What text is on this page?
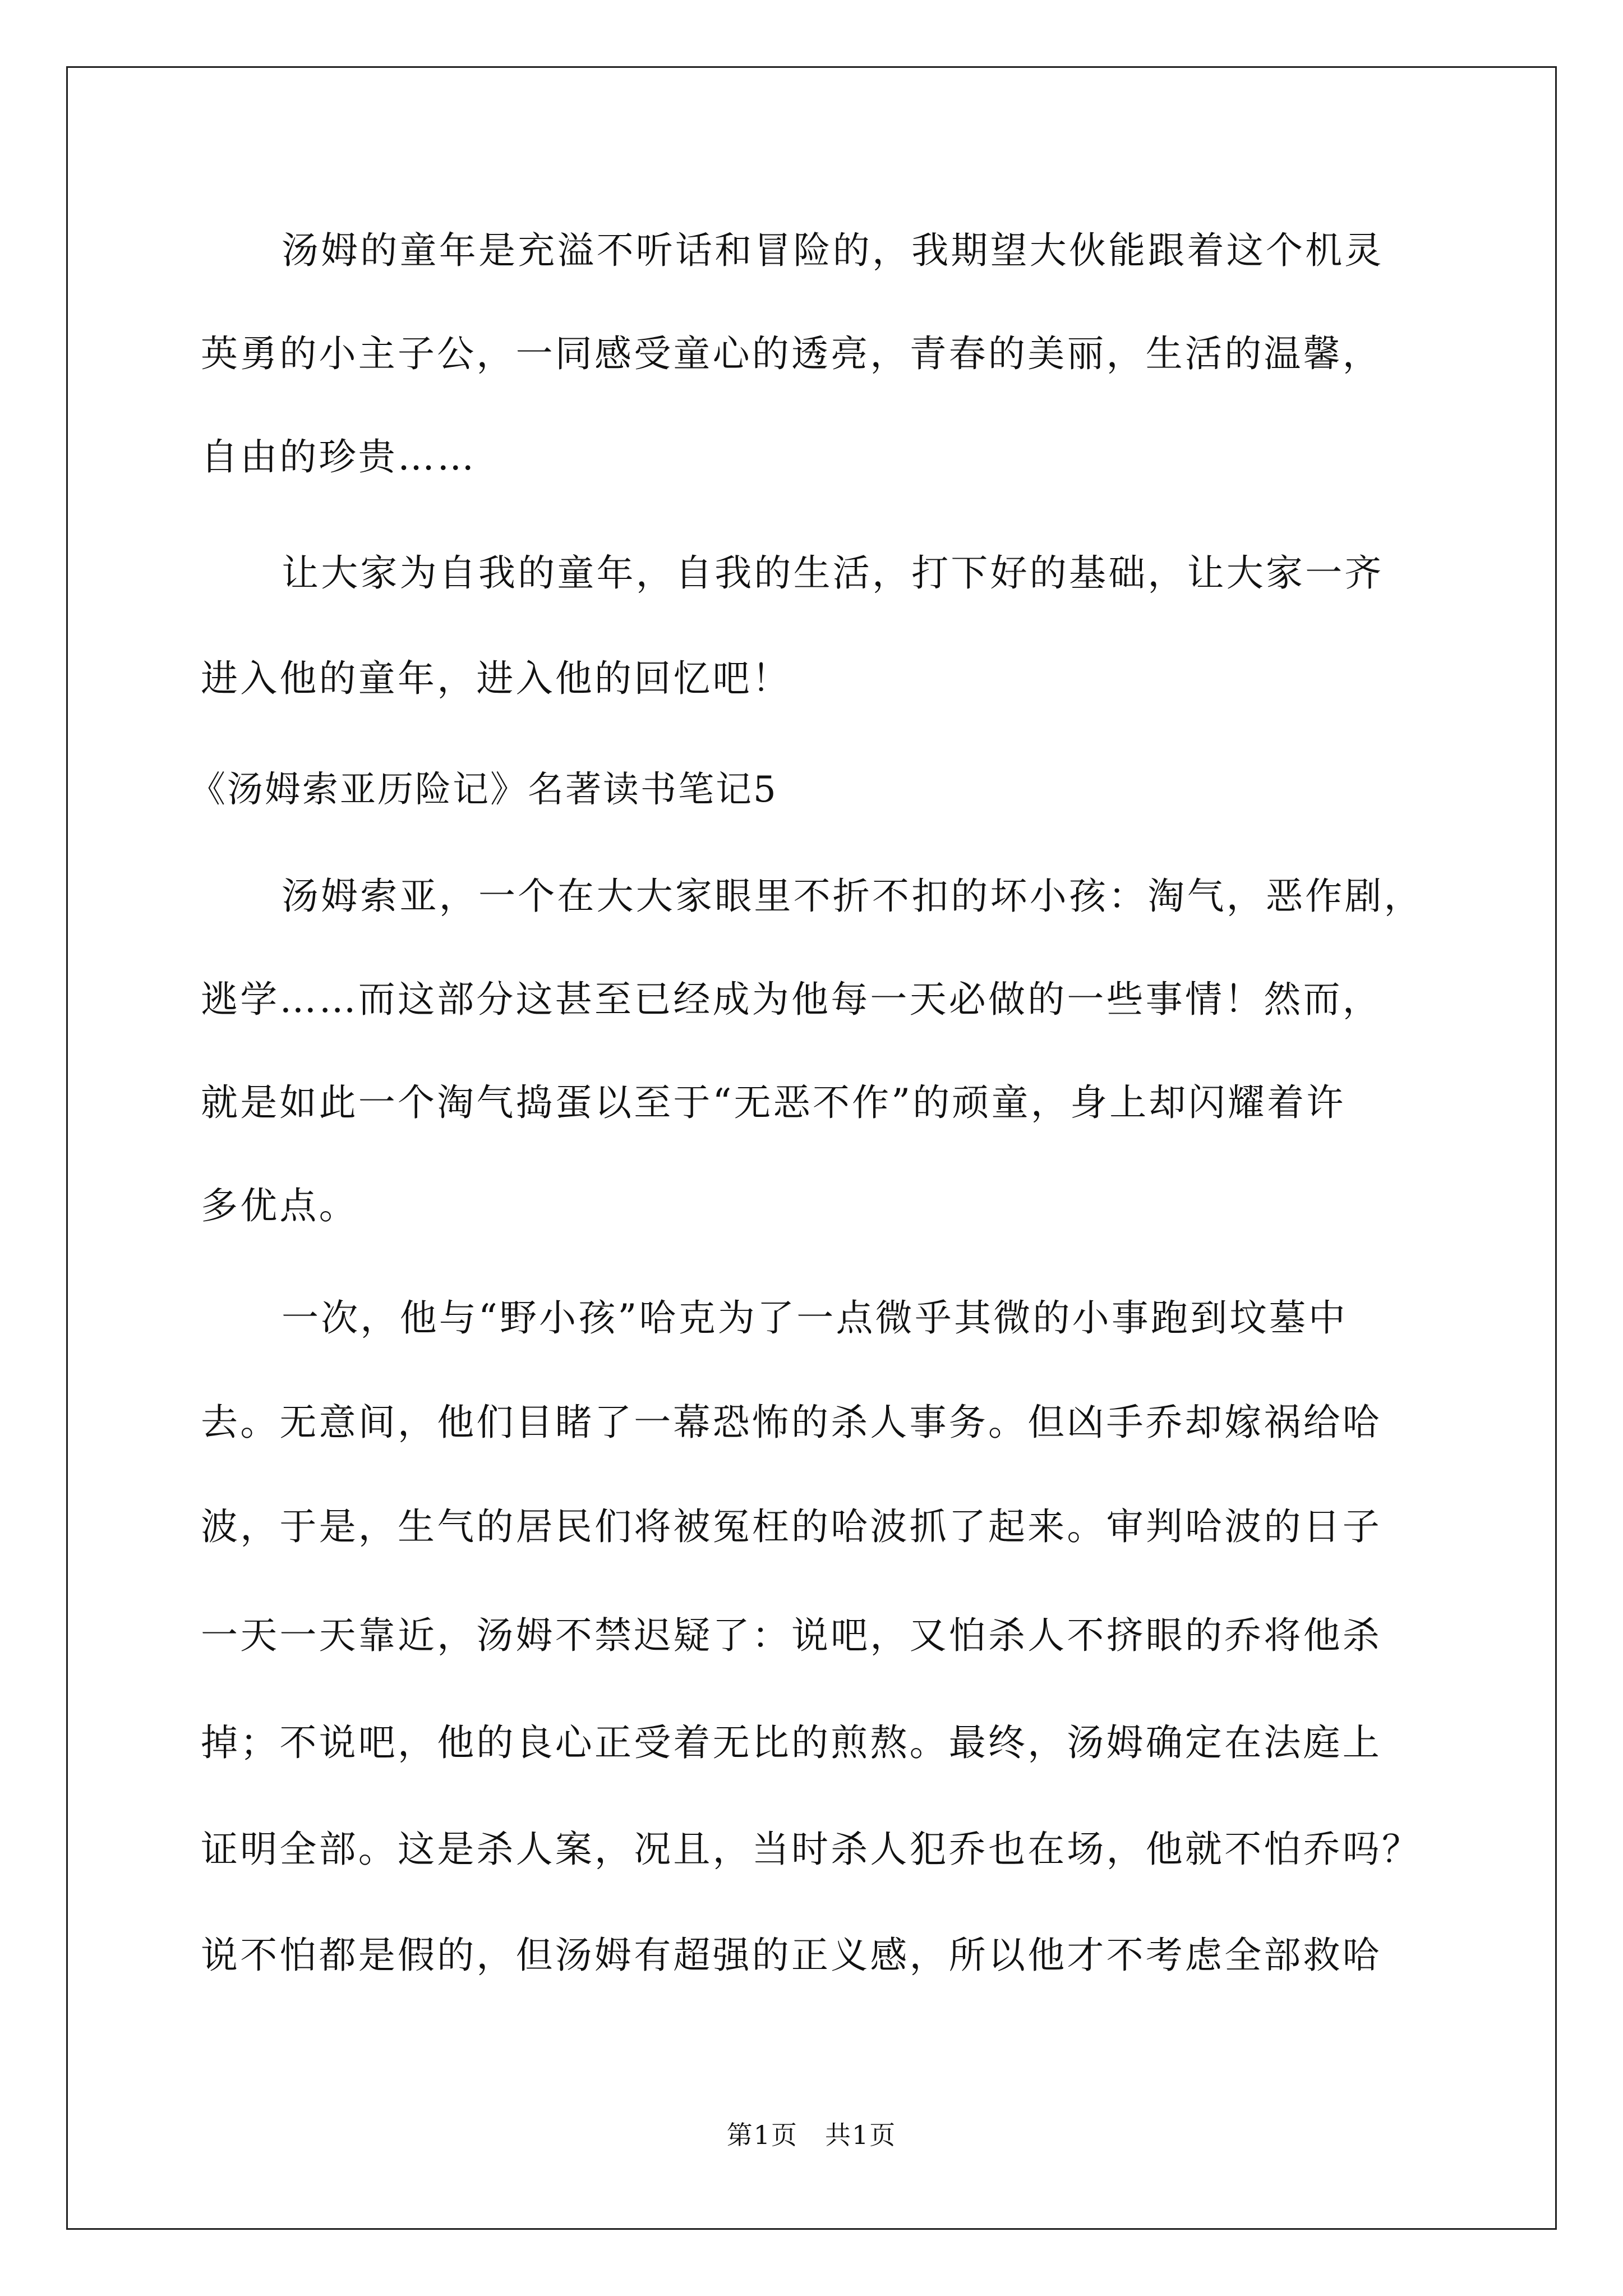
汤姆的童年是充溢不听话和冒险的，我期望大伙能跟着这个机灵
英勇的小主子公，一同感受童心的透亮，青春的美丽，生活的温馨，
自由的珍贵……
让大家为自我的童年，自我的生活，打下好的基础，让大家一齐
进入他的童年，进入他的回忆吧！
《汤姆索亚历险记》名著读书笔记5
汤姆索亚，一个在大大家眼里不折不扣的坏小孩：淘气，恶作剧，
逃学……而这部分这甚至已经成为他每一天必做的一些事情！然而，
就是如此一个淘气捣蛋以至于“无恶不作”的顽童，身上却闪耀着许
多优点。
一次，他与“野小孩”哈克为了一点微乎其微的小事跑到坟墓中
去。无意间，他们目睹了一幕恐怖的杀人事务。但凶手乔却嫁祸给哈
波，于是，生气的居民们将被冤枉的哈波抓了起来。审判哈波的日子
一天一天靠近，汤姆不禁迟疑了：说吧，又怕杀人不挤眼的乔将他杀
掉；不说吧，他的良心正受着无比的煎熬。最终，汤姆确定在法庭上
证明全部。这是杀人案，况且，当时杀人犯乔也在场，他就不怕乔吗？
说不怕都是假的，但汤姆有超强的正义感，所以他才不考虑全部救哈
第1页　共1页
